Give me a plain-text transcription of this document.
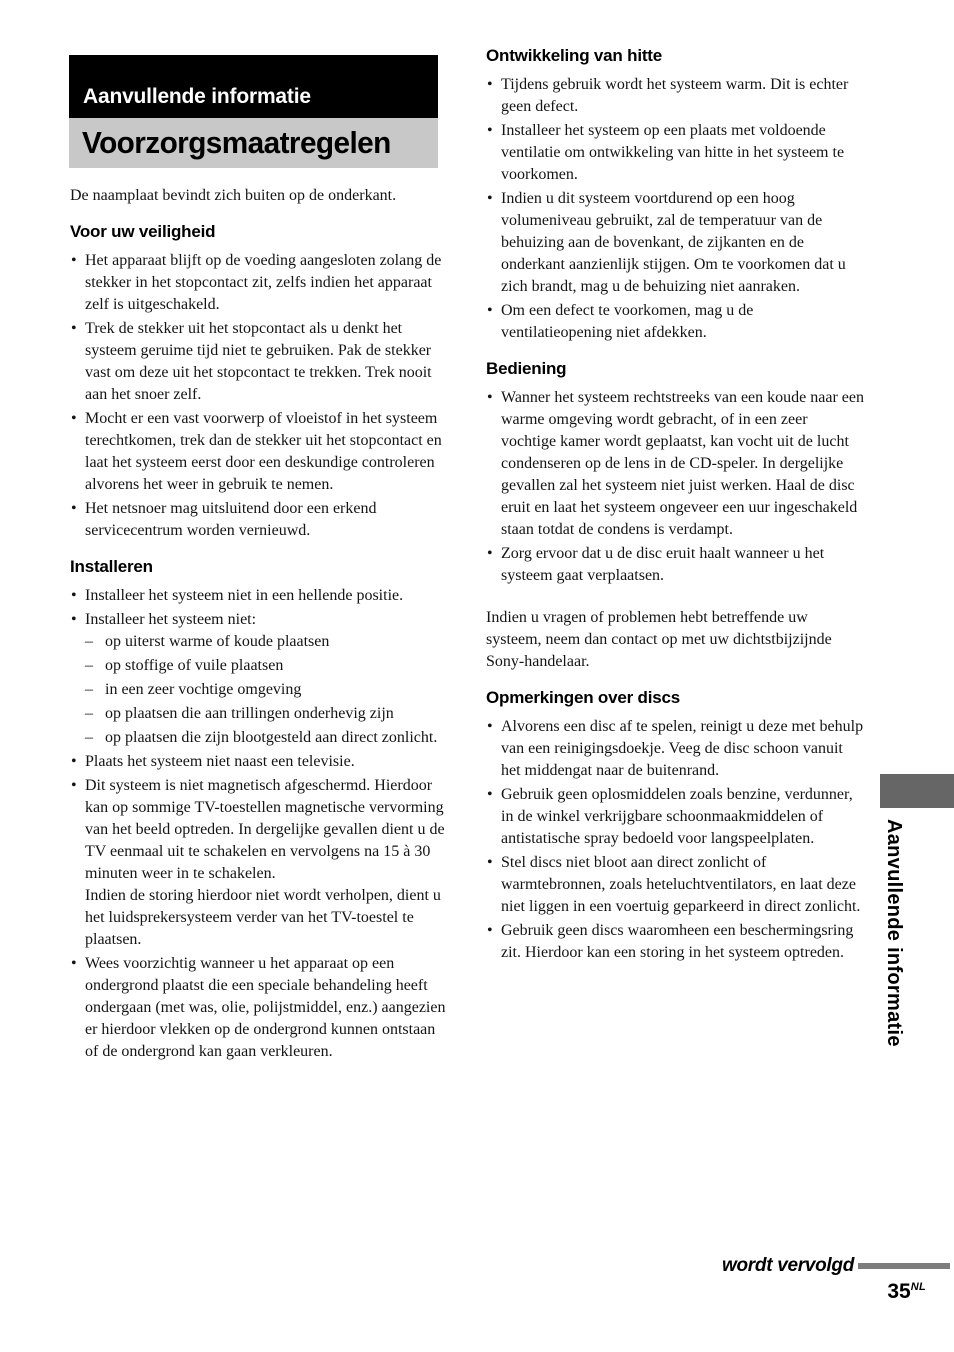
Aanvullende informatie
Voorzorgsmaatregelen

De naamplaat bevindt zich buiten op de onderkant.

Voor uw veiligheid
• Het apparaat blijft op de voeding aangesloten zolang de stekker in het stopcontact zit, zelfs indien het apparaat zelf is uitgeschakeld.
• Trek de stekker uit het stopcontact als u denkt het systeem geruime tijd niet te gebruiken. Pak de stekker vast om deze uit het stopcontact te trekken. Trek nooit aan het snoer zelf.
• Mocht er een vast voorwerp of vloeistof in het systeem terechtkomen, trek dan de stekker uit het stopcontact en laat het systeem eerst door een deskundige controleren alvorens het weer in gebruik te nemen.
• Het netsnoer mag uitsluitend door een erkend servicecentrum worden vernieuwd.
Installeren
• Installeer het systeem niet in een hellende positie.
• Installeer het systeem niet:
– op uiterst warme of koude plaatsen
– op stoffige of vuile plaatsen
– in een zeer vochtige omgeving
– op plaatsen die aan trillingen onderhevig zijn
– op plaatsen die zijn blootgesteld aan direct zonlicht.
• Plaats het systeem niet naast een televisie.
• Dit systeem is niet magnetisch afgeschermd. Hierdoor kan op sommige TV-toestellen magnetische vervorming van het beeld optreden. In dergelijke gevallen dient u de TV eenmaal uit te schakelen en vervolgens na 15 à 30 minuten weer in te schakelen.
Indien de storing hierdoor niet wordt verholpen, dient u het luidsprekersysteem verder van het TV-toestel te plaatsen.
• Wees voorzichtig wanneer u het apparaat op een ondergrond plaatst die een speciale behandeling heeft ondergaan (met was, olie, polijstmiddel, enz.) aangezien er hierdoor vlekken op de ondergrond kunnen ontstaan of de ondergrond kan gaan verkleuren.
Ontwikkeling van hitte
• Tijdens gebruik wordt het systeem warm. Dit is echter geen defect.
• Installeer het systeem op een plaats met voldoende ventilatie om ontwikkeling van hitte in het systeem te voorkomen.
• Indien u dit systeem voortdurend op een hoog volumeniveau gebruikt, zal de temperatuur van de behuizing aan de bovenkant, de zijkanten en de onderkant aanzienlijk stijgen. Om te voorkomen dat u zich brandt, mag u de behuizing niet aanraken.
• Om een defect te voorkomen, mag u de ventilatieopening niet afdekken.
Bediening
• Wanner het systeem rechtstreeks van een koude naar een warme omgeving wordt gebracht, of in een zeer vochtige kamer wordt geplaatst, kan vocht uit de lucht condenseren op de lens in de CD-speler. In dergelijke gevallen zal het systeem niet juist werken. Haal de disc eruit en laat het systeem ongeveer een uur ingeschakeld staan totdat de condens is verdampt.
• Zorg ervoor dat u de disc eruit haalt wanneer u het systeem gaat verplaatsen.

Indien u vragen of problemen hebt betreffende uw systeem, neem dan contact op met uw dichtstbijzijnde Sony-handelaar.

Opmerkingen over discs
• Alvorens een disc af te spelen, reinigt u deze met behulp van een reinigingsdoekje. Veeg de disc schoon vanuit het middengat naar de buitenrand.
• Gebruik geen oplosmiddelen zoals benzine, verdunner, in de winkel verkrijgbare schoonmaakmiddelen of antistatische spray bedoeld voor langspeelplaten.
• Stel discs niet bloot aan direct zonlicht of warmtebronnen, zoals heteluchtventilators, en laat deze niet liggen in een voertuig geparkeerd in direct zonlicht.
• Gebruik geen discs waaromheen een beschermingsring zit. Hierdoor kan een storing in het systeem optreden.	Aanvullende informatie
wordt vervolgd
$35^{NL}$
